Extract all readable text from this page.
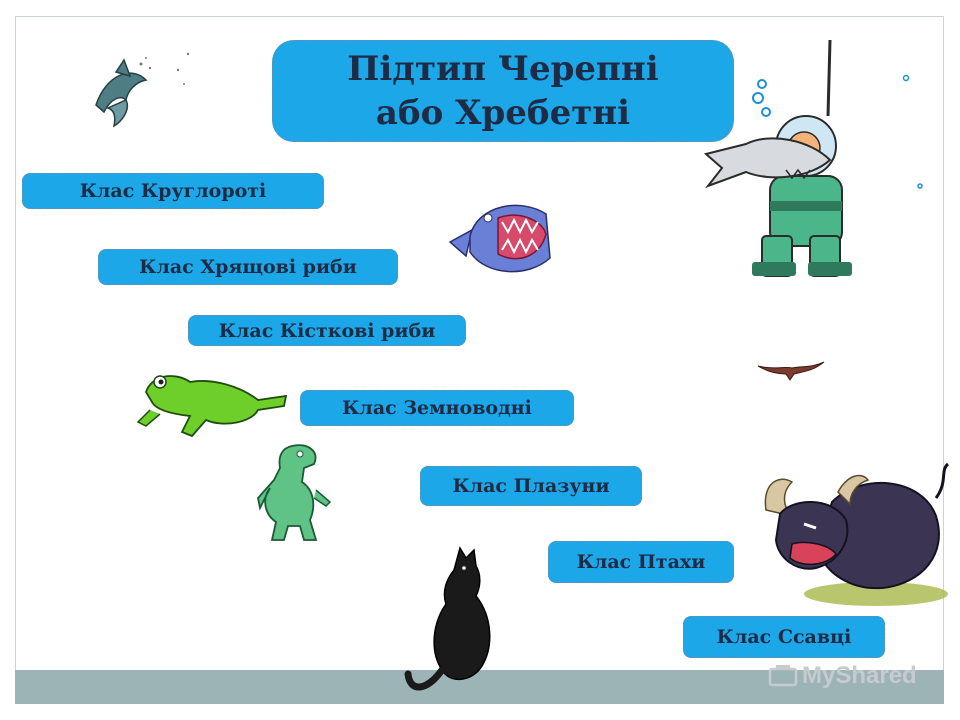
Підтип Черепні
або Хребетні
Клас Круглороті
Клас Хрящові риби
Клас Кісткові риби
Клас Земноводні
Клас Плазуни
Клас Птахи
Клас Ссавці
MyShared
